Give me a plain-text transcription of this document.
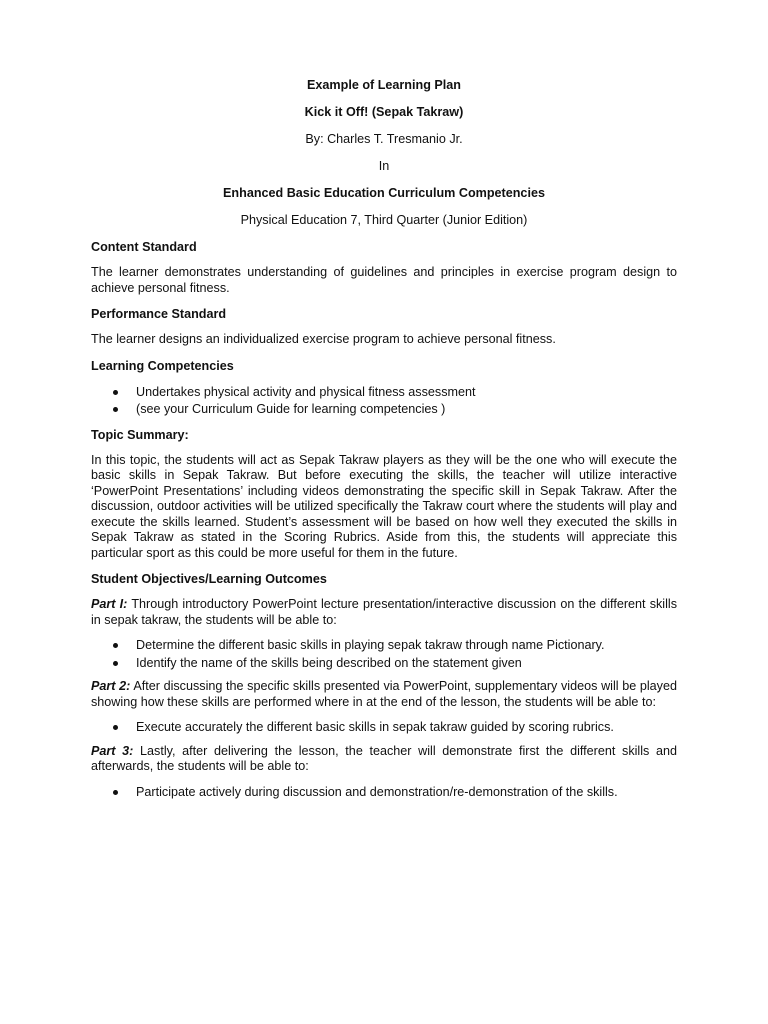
Example of Learning Plan

Kick it Off! (Sepak Takraw)

By: Charles T. Tresmanio Jr.

In

Enhanced Basic Education Curriculum Competencies

Physical Education 7, Third Quarter (Junior Edition)

Content Standard

The learner demonstrates understanding of guidelines and principles in exercise program design to achieve personal fitness.

Performance Standard

The learner designs an individualized exercise program to achieve personal fitness.

Learning Competencies

Undertakes physical activity and physical fitness assessment
(see your Curriculum Guide for learning competencies )

Topic Summary:

In this topic, the students will act as Sepak Takraw players as they will be the one who will execute the basic skills in Sepak Takraw. But before executing the skills, the teacher will utilize interactive ‘PowerPoint Presentations’ including videos demonstrating the specific skill in Sepak Takraw. After the discussion, outdoor activities will be utilized specifically the Takraw court where the students will play and execute the skills learned. Student’s assessment will be based on how well they executed the skills in Sepak Takraw as stated in the Scoring Rubrics. Aside from this, the students will appreciate this particular sport as this could be more useful for them in the future.

Student Objectives/Learning Outcomes

Part I: Through introductory PowerPoint lecture presentation/interactive discussion on the different skills in sepak takraw, the students will be able to:

Determine the different basic skills in playing sepak takraw through name Pictionary.
Identify the name of the skills being described on the statement given

Part 2: After discussing the specific skills presented via PowerPoint, supplementary videos will be played showing how these skills are performed where in at the end of the lesson, the students will be able to:

Execute accurately the different basic skills in sepak takraw guided by scoring rubrics.

Part 3: Lastly, after delivering the lesson, the teacher will demonstrate first the different skills and afterwards, the students will be able to:

Participate actively during discussion and demonstration/re-demonstration of the skills.
